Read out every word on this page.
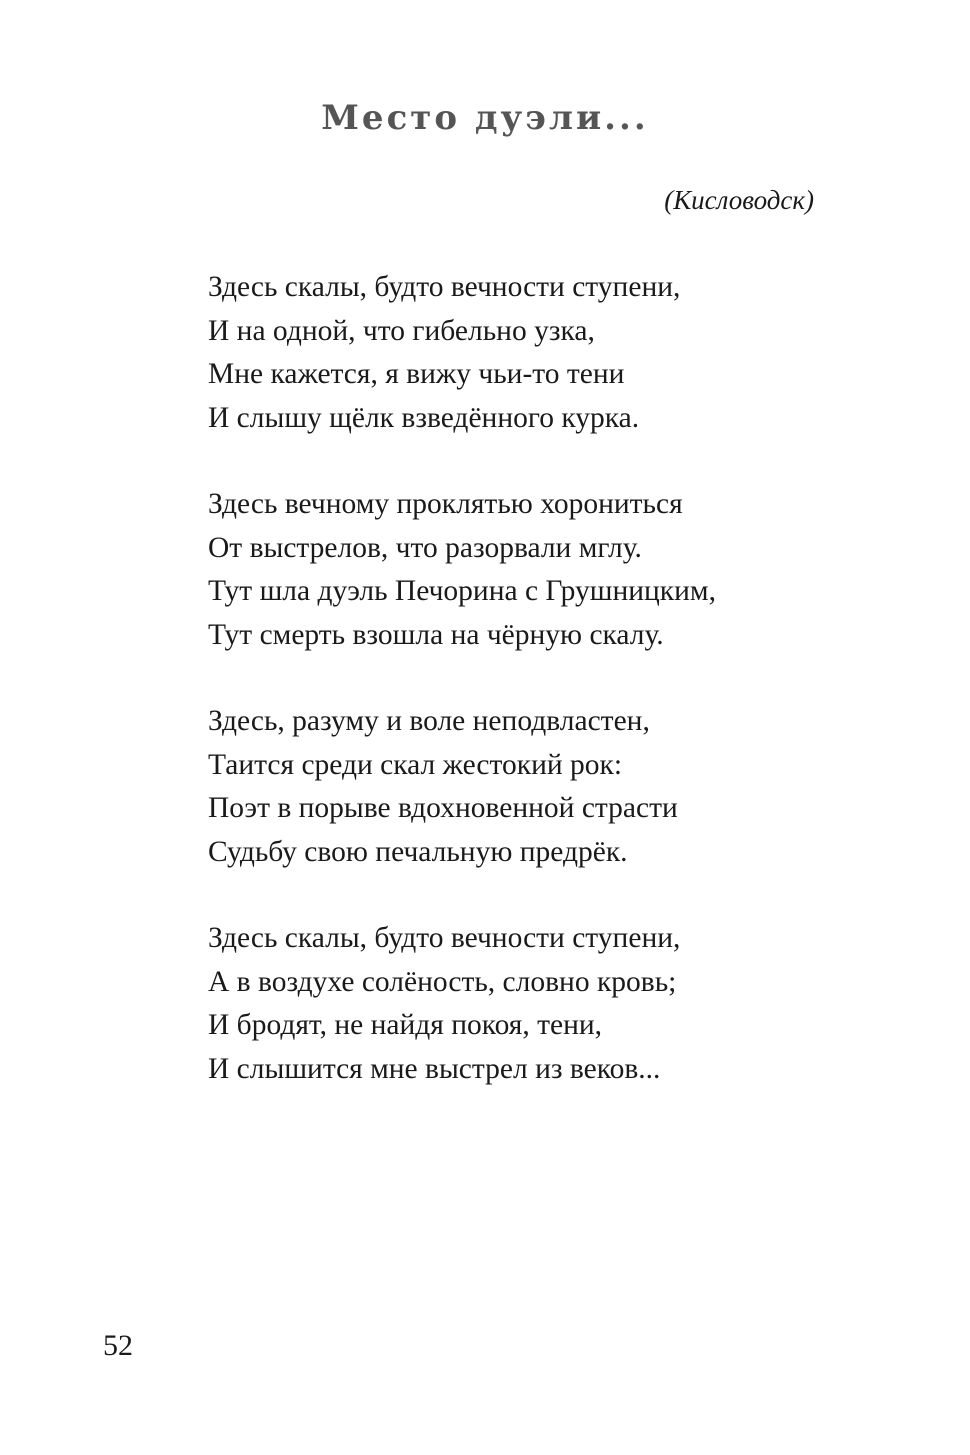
Место дуэли...
(Кисловодск)
Здесь скалы, будто вечности ступени,
И на одной, что гибельно узка,
Мне кажется, я вижу чьи-то тени
И слышу щёлк взведённого курка.
Здесь вечному проклятью хорониться
От выстрелов, что разорвали мглу.
Тут шла дуэль Печорина с Грушницким,
Тут смерть взошла на чёрную скалу.
Здесь, разуму и воле неподвластен,
Таится среди скал жестокий рок:
Поэт в порыве вдохновенной страсти
Судьбу свою печальную предрёк.
Здесь скалы, будто вечности ступени,
А в воздухе солёность, словно кровь;
И бродят, не найдя покоя, тени,
И слышится мне выстрел из веков...
52
